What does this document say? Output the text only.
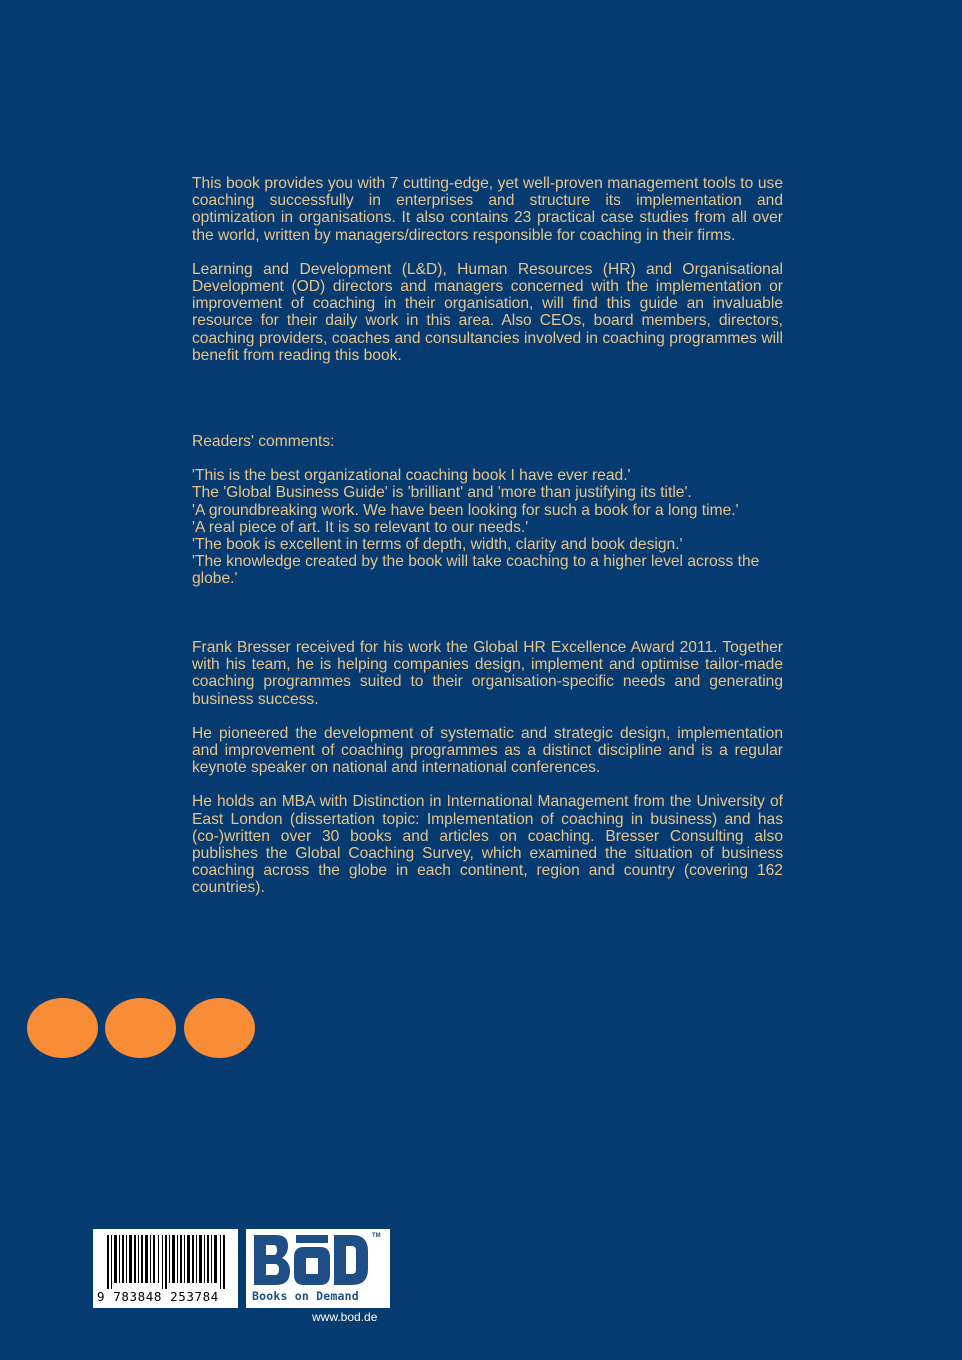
This book provides you with 7 cutting-edge, yet well-proven management tools to use coaching successfully in enterprises and structure its implementation and optimization in organisations. It also contains 23 practical case studies from all over the world, written by managers/directors responsible for coaching in their firms.

Learning and Development (L&D), Human Resources (HR) and Organisational Development (OD) directors and managers concerned with the implementation or improvement of coaching in their organisation, will find this guide an invaluable resource for their daily work in this area. Also CEOs, board members, directors, coaching providers, coaches and consultancies involved in coaching programmes will benefit from reading this book.

Readers' comments:

'This is the best organizational coaching book I have ever read.'

The 'Global Business Guide' is 'brilliant' and 'more than justifying its title'.

'A groundbreaking work. We have been looking for such a book for a long time.'

'A real piece of art. It is so relevant to our needs.'

'The book is excellent in terms of depth, width, clarity and book design.'

'The knowledge created by the book will take coaching to a higher level across the globe.'

Frank Bresser received for his work the Global HR Excellence Award 2011. Together with his team, he is helping companies design, implement and optimise tailor-made coaching programmes suited to their organisation-specific needs and generating business success.

He pioneered the development of systematic and strategic design, implementation and improvement of coaching programmes as a distinct discipline and is a regular keynote speaker on national and international conferences.

He holds an MBA with Distinction in International Management from the University of East London (dissertation topic: Implementation of coaching in business) and has (co-)written over 30 books and articles on coaching. Bresser Consulting also publishes the Global Coaching Survey, which examined the situation of business coaching across the globe in each continent, region and country (covering 162 countries).

9 783848 253784
TM
Books on Demand
www.bod.de
